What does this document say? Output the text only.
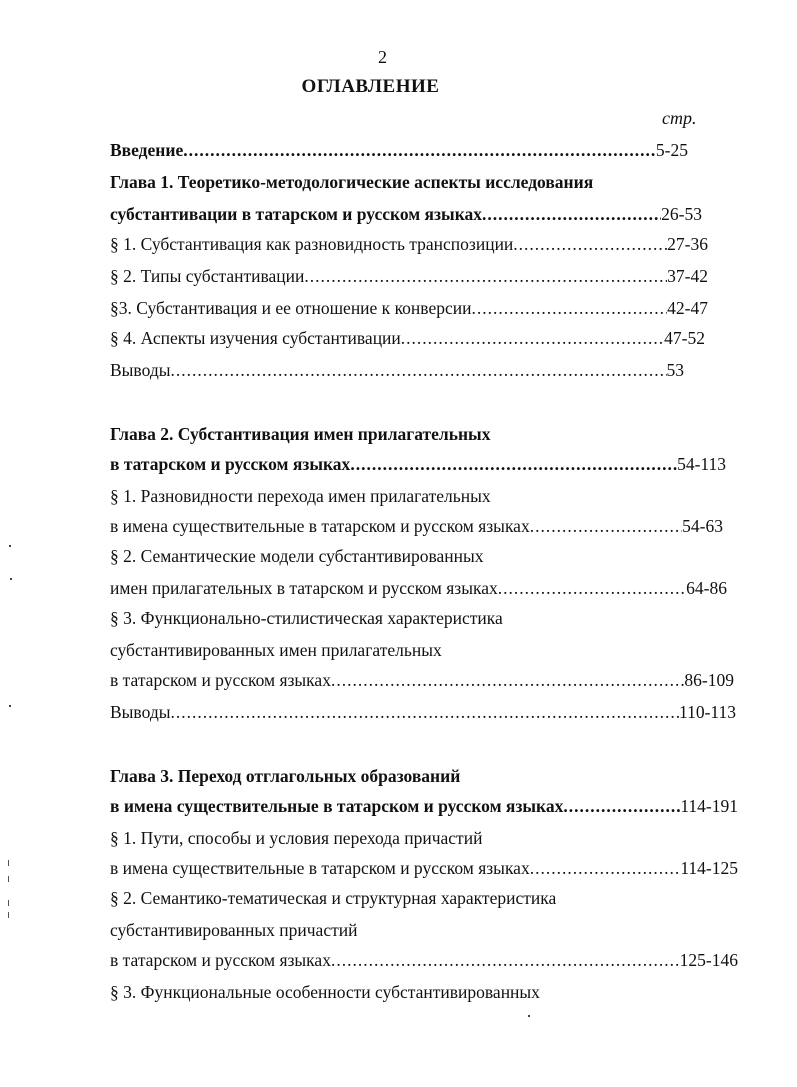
2
ОГЛАВЛЕНИЕ
стр.
Введение .....	5-25
Глава 1. Теоретико-методологические аспекты исследования
субстантивации в татарском и русском языках .....	26-53
§ 1. Субстантивация как разновидность транспозиции .....	27-36
§ 2. Типы субстантивации .....	37-42
§3. Субстантивация и ее отношение к конверсии .....	42-47
§ 4. Аспекты изучения субстантивации .....	47-52
Выводы .....	53
Глава 2. Субстантивация имен прилагательных
в татарском и русском языках .....	54-113
§ 1. Разновидности перехода имен прилагательных
в имена существительные в татарском и русском языках .....	54-63
§ 2. Семантические модели субстантивированных
имен прилагательных в татарском и русском языках .....	64-86
§ 3. Функционально-стилистическая характеристика
субстантивированных имен прилагательных
в татарском и русском языках .....	86-109
Выводы .....	110-113
Глава 3. Переход отглагольных образований
в имена существительные в татарском и русском языках .....	114-191
§ 1. Пути, способы и условия перехода причастий
в имена существительные в татарском и русском языках .....	114-125
§ 2. Семантико-тематическая и структурная характеристика
субстантивированных причастий
в татарском и русском языках .....	125-146
§ 3. Функциональные особенности субстантивированных
